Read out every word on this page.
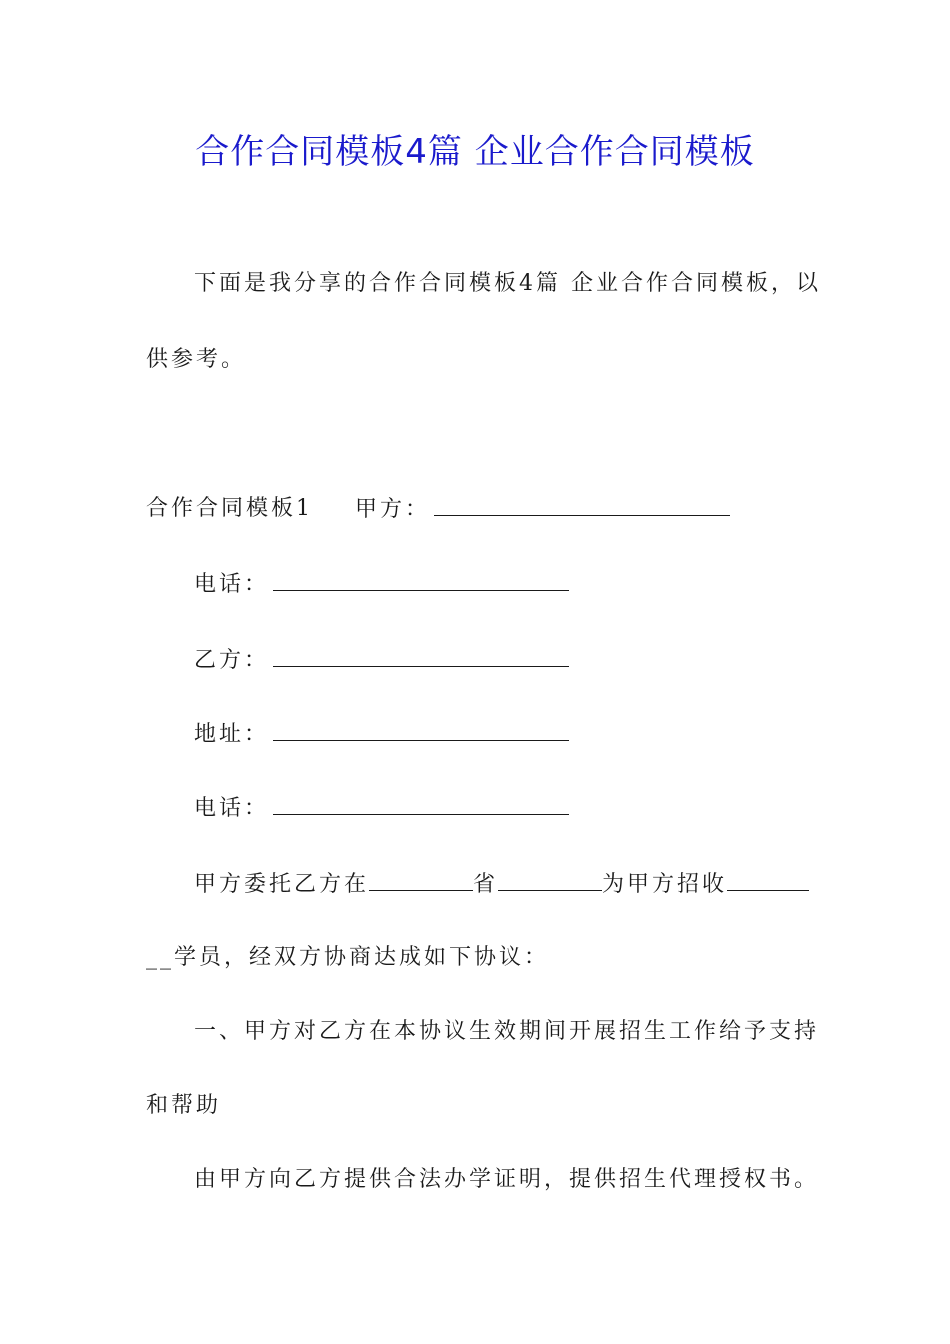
合作合同模板4篇 企业合作合同模板
下面是我分享的合作合同模板4篇 企业合作合同模板，以
供参考。
合作合同模板1 甲方：
电话：
乙方：
地址：
电话：
甲方委托乙方在	省	为甲方招收
__学员，经双方协商达成如下协议：
一、甲方对乙方在本协议生效期间开展招生工作给予支持
和帮助
由甲方向乙方提供合法办学证明，提供招生代理授权书。
